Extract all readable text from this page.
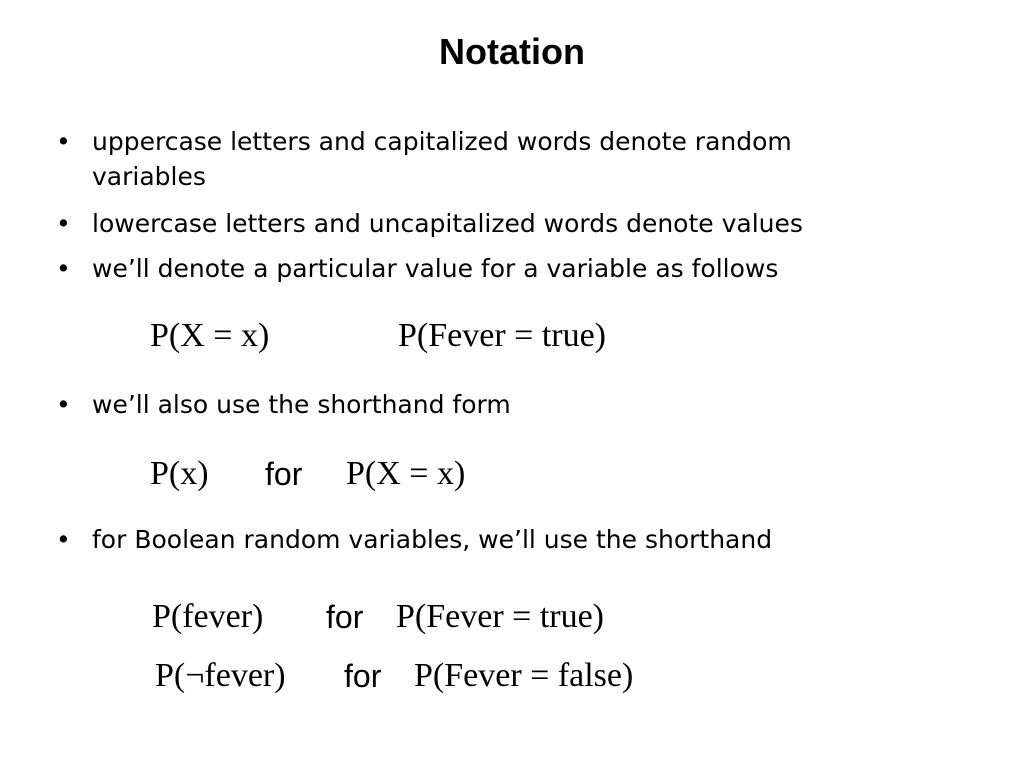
Notation
• uppercase letters and capitalized words denote random variables
• lowercase letters and uncapitalized words denote values
• we’ll denote a particular value for a variable as follows
P(X = x)	P(Fever = true)
• we’ll also use the shorthand form
P(x) for P(X = x)
• for Boolean random variables, we’ll use the shorthand
P(fever) for P(Fever = true)
P(¬fever) for P(Fever = false)
